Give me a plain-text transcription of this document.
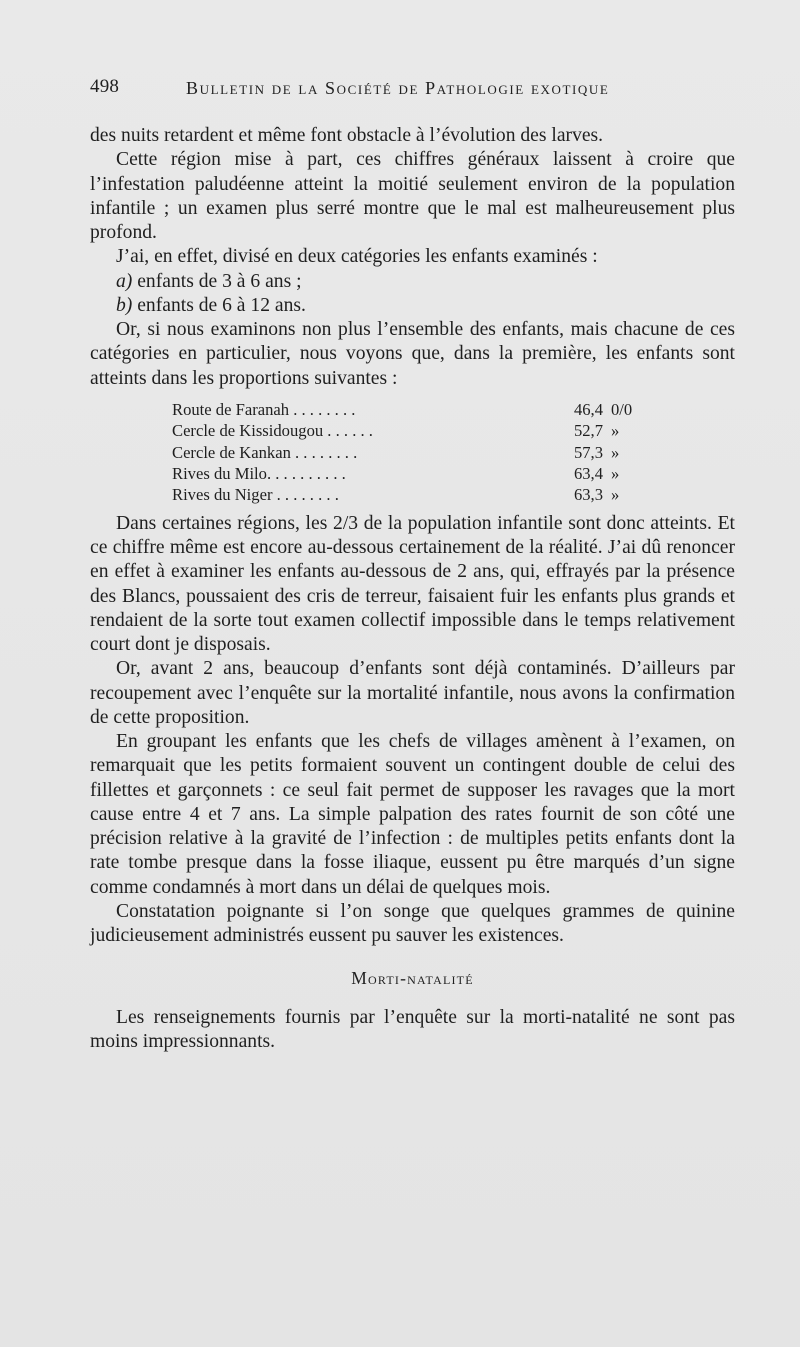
498	Bulletin de la Société de Pathologie exotique

des nuits retardent et même font obstacle à l’évolution des larves.

Cette région mise à part, ces chiffres généraux laissent à croire que l’infestation paludéenne atteint la moitié seulement environ de la population infantile ; un examen plus serré montre que le mal est malheureusement plus profond.

J’ai, en effet, divisé en deux catégories les enfants examinés :

a) enfants de 3 à 6 ans ;

b) enfants de 6 à 12 ans.

Or, si nous examinons non plus l’ensemble des enfants, mais chacune de ces catégories en particulier, nous voyons que, dans la première, les enfants sont atteints dans les proportions suivantes :

Route de Faranah . . . . . . . .	46,4 0/0
Cercle de Kissidougou . . . . . .	52,7 »
Cercle de Kankan . . . . . . . .	57,3 »
Rives du Milo. . . . . . . . . .	63,4 »
Rives du Niger . . . . . . . .	63,3 »

Dans certaines régions, les 2/3 de la population infantile sont donc atteints. Et ce chiffre même est encore au-dessous certainement de la réalité. J’ai dû renoncer en effet à examiner les enfants au-dessous de 2 ans, qui, effrayés par la présence des Blancs, poussaient des cris de terreur, faisaient fuir les enfants plus grands et rendaient de la sorte tout examen collectif impossible dans le temps relativement court dont je disposais.

Or, avant 2 ans, beaucoup d’enfants sont déjà contaminés. D’ailleurs par recoupement avec l’enquête sur la mortalité infantile, nous avons la confirmation de cette proposition.

En groupant les enfants que les chefs de villages amènent à l’examen, on remarquait que les petits formaient souvent un contingent double de celui des fillettes et garçonnets : ce seul fait permet de supposer les ravages que la mort cause entre 4 et 7 ans. La simple palpation des rates fournit de son côté une précision relative à la gravité de l’infection : de multiples petits enfants dont la rate tombe presque dans la fosse iliaque, eussent pu être marqués d’un signe comme condamnés à mort dans un délai de quelques mois.

Constatation poignante si l’on songe que quelques grammes de quinine judicieusement administrés eussent pu sauver les existences.

Morti-natalité

Les renseignements fournis par l’enquête sur la morti-natalité ne sont pas moins impressionnants.
